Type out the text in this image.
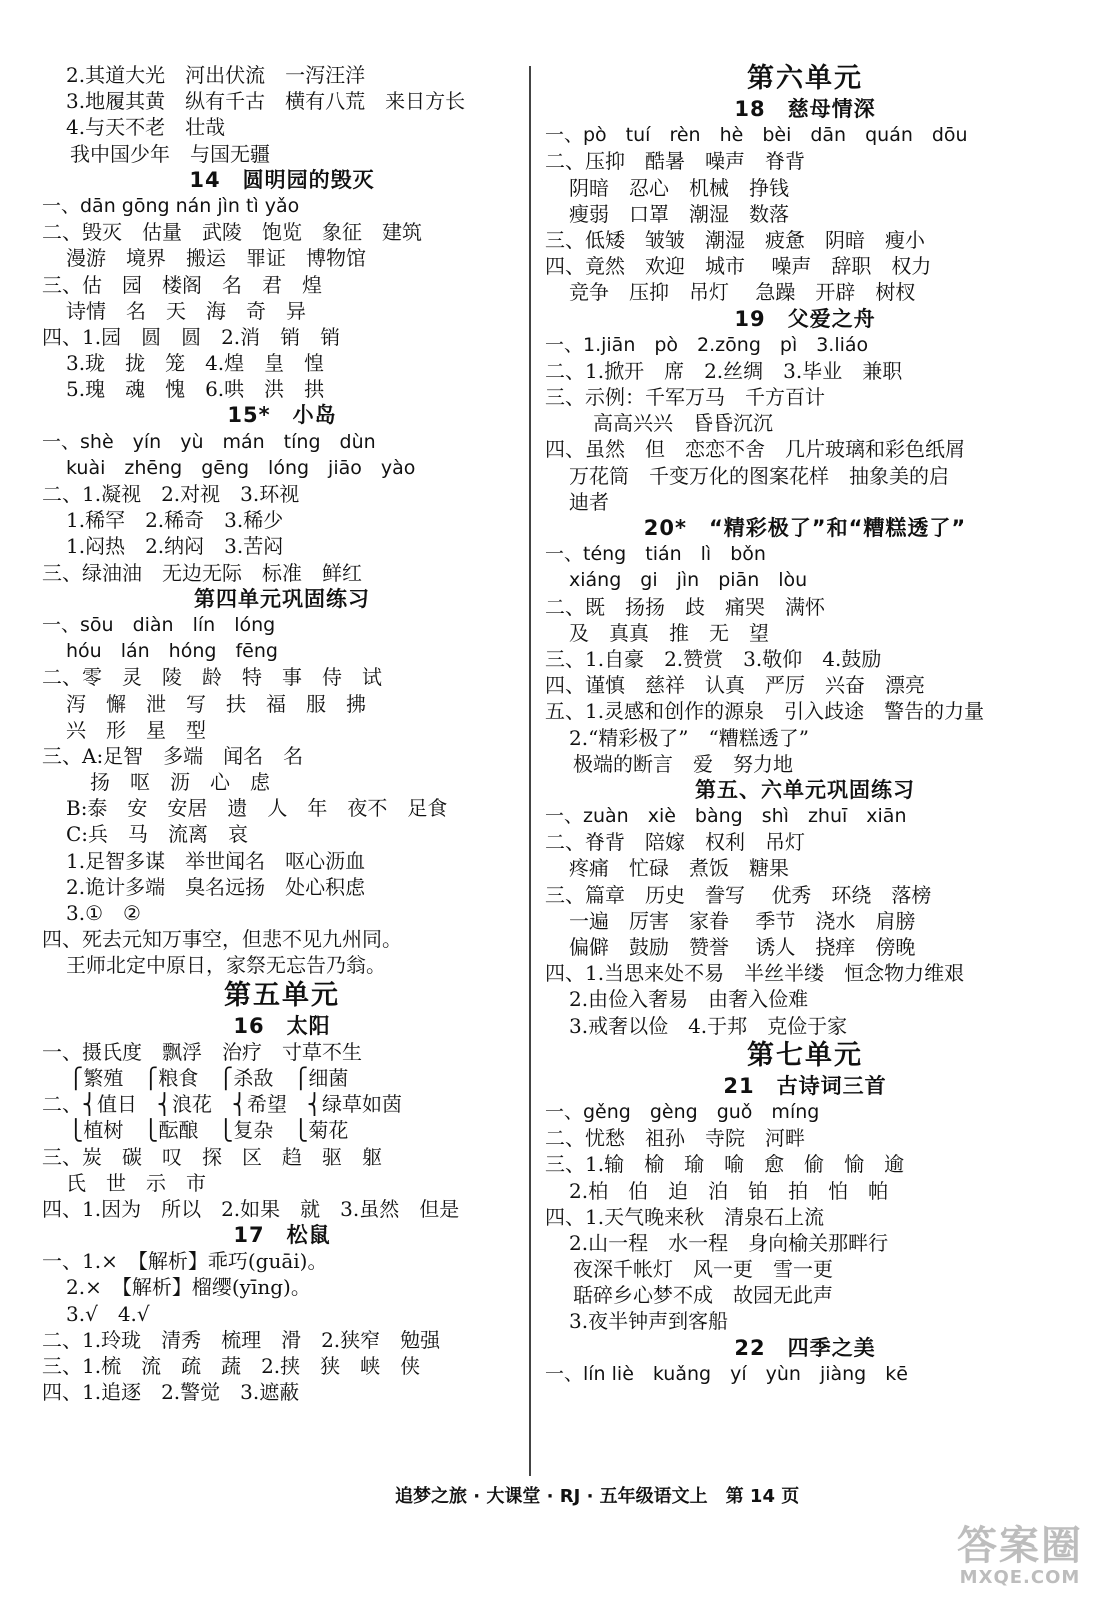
2.其道大光　河出伏流　一泻汪洋
3.地履其黄　纵有千古　横有八荒　来日方长
4.与天不老　壮哉
我中国少年　与国无疆
14　圆明园的毁灭
一、dān gōng nán jìn tì yǎo
二、毁灭　估量　武陵　饱览　象征　建筑
漫游　境界　搬运　罪证　博物馆
三、估　园　楼阁　名　君　煌
诗情　名　天　海　奇　异
四、1.园　圆　圆　2.消　销　销
3.珑　拢　笼　4.煌　皇　惶
5.瑰　魂　愧　6.哄　洪　拱
15*　小岛
一、shè　yín　yù　mán　tíng　dùn
kuài　zhēng　gēng　lóng　jiāo　yào
二、1.凝视　2.对视　3.环视
1.稀罕　2.稀奇　3.稀少
1.闷热　2.纳闷　3.苦闷
三、绿油油　无边无际　标准　鲜红
第四单元巩固练习
一、sōu　diàn　lín　lóng
hóu　lán　hóng　fēng
二、零　灵　陵　龄　特　事　侍　试
泻　懈　泄　写　扶　福　服　拂
兴　形　星　型
三、A:足智　多端　闻名　名
扬　呕　沥　心　虑
B:泰　安　安居　遗　人　年　夜不　足食
C:兵　马　流离　哀
1.足智多谋　举世闻名　呕心沥血
2.诡计多端　臭名远扬　处心积虑
3.①　②
四、死去元知万事空，但悲不见九州同。
王师北定中原日，家祭无忘告乃翁。
第五单元
16　太阳
一、摄氏度　飘浮　治疗　寸草不生
　 ⎧繁殖　⎧粮食　⎧杀敌　⎧细菌
二、⎨值日　⎨浪花　⎨希望　⎨绿草如茵
　 ⎩植树　⎩酝酿　⎩复杂　⎩菊花
三、炭　碳　叹　探　区　趋　驱　躯
氏　世　示　市
四、1.因为　所以　2.如果　就　3.虽然　但是
17　松鼠
一、1.×　【解析】乖巧(guāi)。
2.×　【解析】榴缨(yīng)。
3.√　4.√
二、1.玲珑　清秀　梳理　滑　2.狭窄　勉强
三、1.梳　流　疏　蔬　2.挟　狭　峡　侠
四、1.追逐　2.警觉　3.遮蔽
第六单元
18　慈母情深
一、pò　tuí　rèn　hè　bèi　dān　quán　dōu
二、压抑　酷暑　噪声　脊背
阴暗　忍心　机械　挣钱
瘦弱　口罩　潮湿　数落
三、低矮　皱皱　潮湿　疲惫　阴暗　瘦小
四、竟然　欢迎　城市　 噪声　辞职　权力
竞争　压抑　吊灯　 急躁　开辟　树杈
19　父爱之舟
一、1.jiān　pò　2.zōng　pì　3.liáo
二、1.掀开　席　2.丝绸　3.毕业　兼职
三、示例：千军万马　千方百计
高高兴兴　昏昏沉沉
四、虽然　但　恋恋不舍　几片玻璃和彩色纸屑
万花筒　千变万化的图案花样　抽象美的启
迪者
20*　“精彩极了”和“糟糕透了”
一、téng　tián　lì　bǒn
xiáng　gi　jìn　piān　lòu
二、既　扬扬　歧　痛哭　满怀
及　真真　推　无　望
三、1.自豪　2.赞赏　3.敬仰　4.鼓励
四、谨慎　慈祥　认真　严厉　兴奋　漂亮
五、1.灵感和创作的源泉　引入歧途　警告的力量
2.“精彩极了”　“糟糕透了”
极端的断言　爱　努力地
第五、六单元巩固练习
一、zuàn　xiè　bàng　shì　zhuī　xiān
二、脊背　陪嫁　权利　吊灯
疼痛　忙碌　煮饭　糖果
三、篇章　历史　誊写　 优秀　环绕　落榜
一遍　厉害　家眷　 季节　浇水　肩膀
偏僻　鼓励　赞誉　 诱人　挠痒　傍晚
四、1.当思来处不易　半丝半缕　恒念物力维艰
2.由俭入奢易　由奢入俭难
3.戒奢以俭　4.于邦　克俭于家
第七单元
21　古诗词三首
一、gěng　gèng　guǒ　míng
二、忧愁　祖孙　寺院　河畔
三、1.输　榆　瑜　喻　愈　偷　愉　逾
2.柏　伯　迫　泊　铂　拍　怕　帕
四、1.天气晚来秋　清泉石上流
2.山一程　水一程　身向榆关那畔行
夜深千帐灯　风一更　雪一更
聒碎乡心梦不成　故园无此声
3.夜半钟声到客船
22　四季之美
一、lín liè　kuǎng　yí　yùn　jiàng　kē
追梦之旅 · 大课堂 · RJ · 五年级语文上　第 14 页
答案圈
MXQE.COM
